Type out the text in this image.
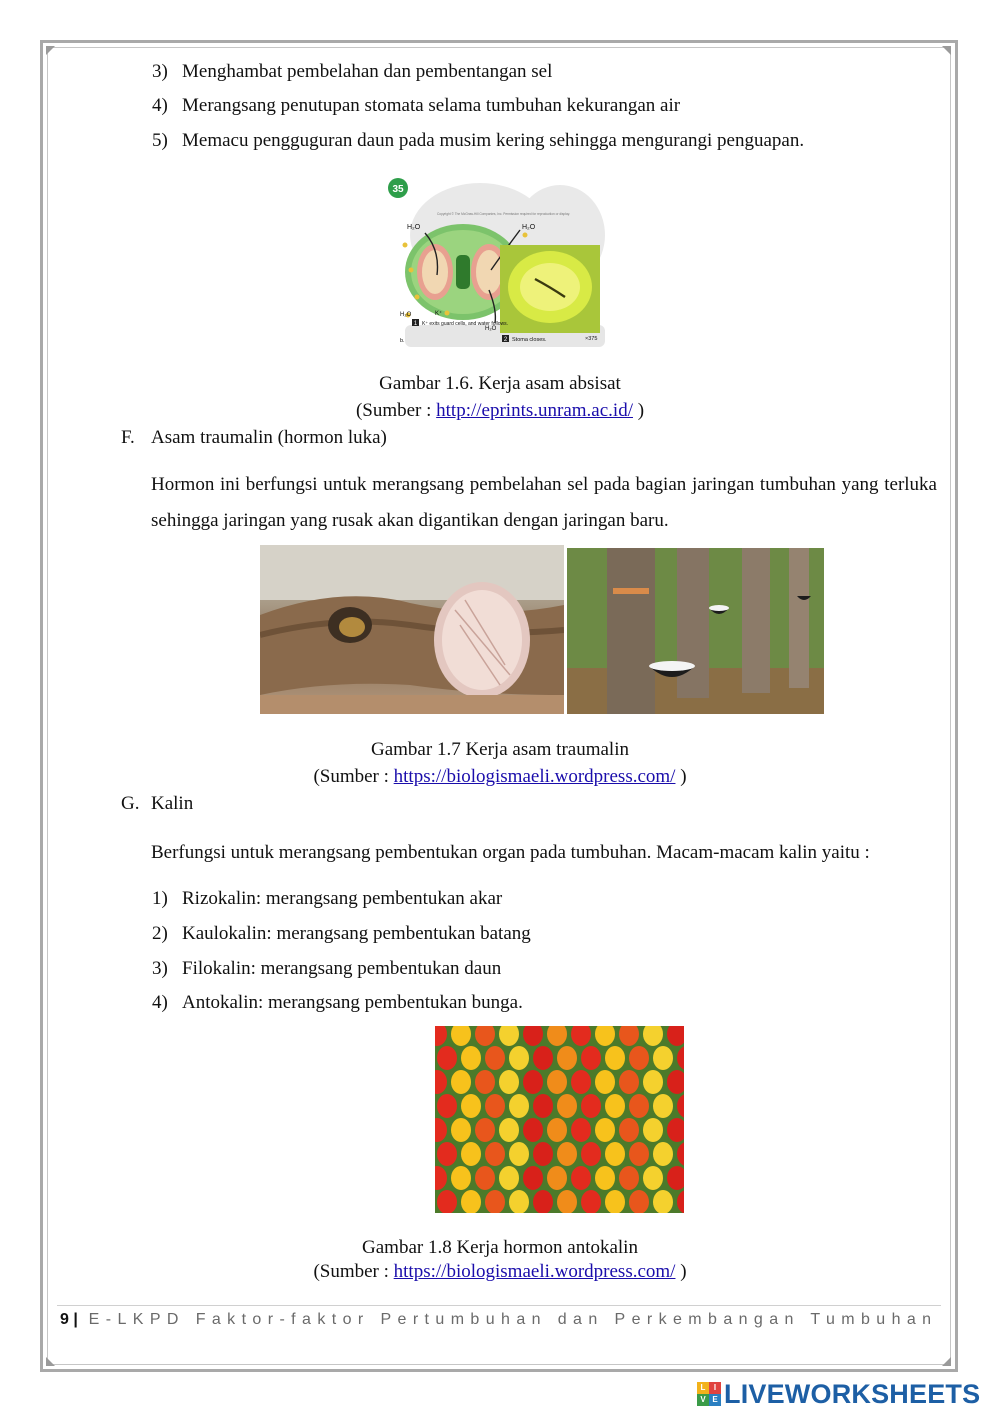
3) Menghambat pembelahan dan pembentangan sel
4) Merangsang penutupan stomata selama tumbuhan kekurangan air
5) Memacu pengguguran daun pada musim kering sehingga mengurangi penguapan.
35
Copyright © The McGraw-Hill Companies, Inc. Permission required for reproduction or display.
H₂O	H₂O
H₂O
H₂O
K⁺
1 K⁺ exits guard cells, and water follows.
2 Stoma closes.	×375
b.
Gambar 1.6. Kerja asam absisat
(Sumber : http://eprints.unram.ac.id/ )
F. Asam traumalin (hormon luka)
Hormon ini berfungsi untuk merangsang pembelahan sel pada bagian jaringan tumbuhan yang terluka sehingga jaringan yang rusak akan digantikan dengan jaringan baru.
Gambar 1.7 Kerja asam traumalin
(Sumber : https://biologismaeli.wordpress.com/ )
G. Kalin
Berfungsi untuk merangsang pembentukan organ pada tumbuhan. Macam-macam kalin yaitu :
1) Rizokalin: merangsang pembentukan akar
2) Kaulokalin: merangsang pembentukan batang
3) Filokalin: merangsang pembentukan daun
4) Antokalin: merangsang pembentukan bunga.
Gambar 1.8 Kerja hormon antokalin
(Sumber : https://biologismaeli.wordpress.com/ )
9 | E-LKPD Faktor-faktor Pertumbuhan dan Perkembangan Tumbuhan
L	I
V E LIVEWORKSHEETS
